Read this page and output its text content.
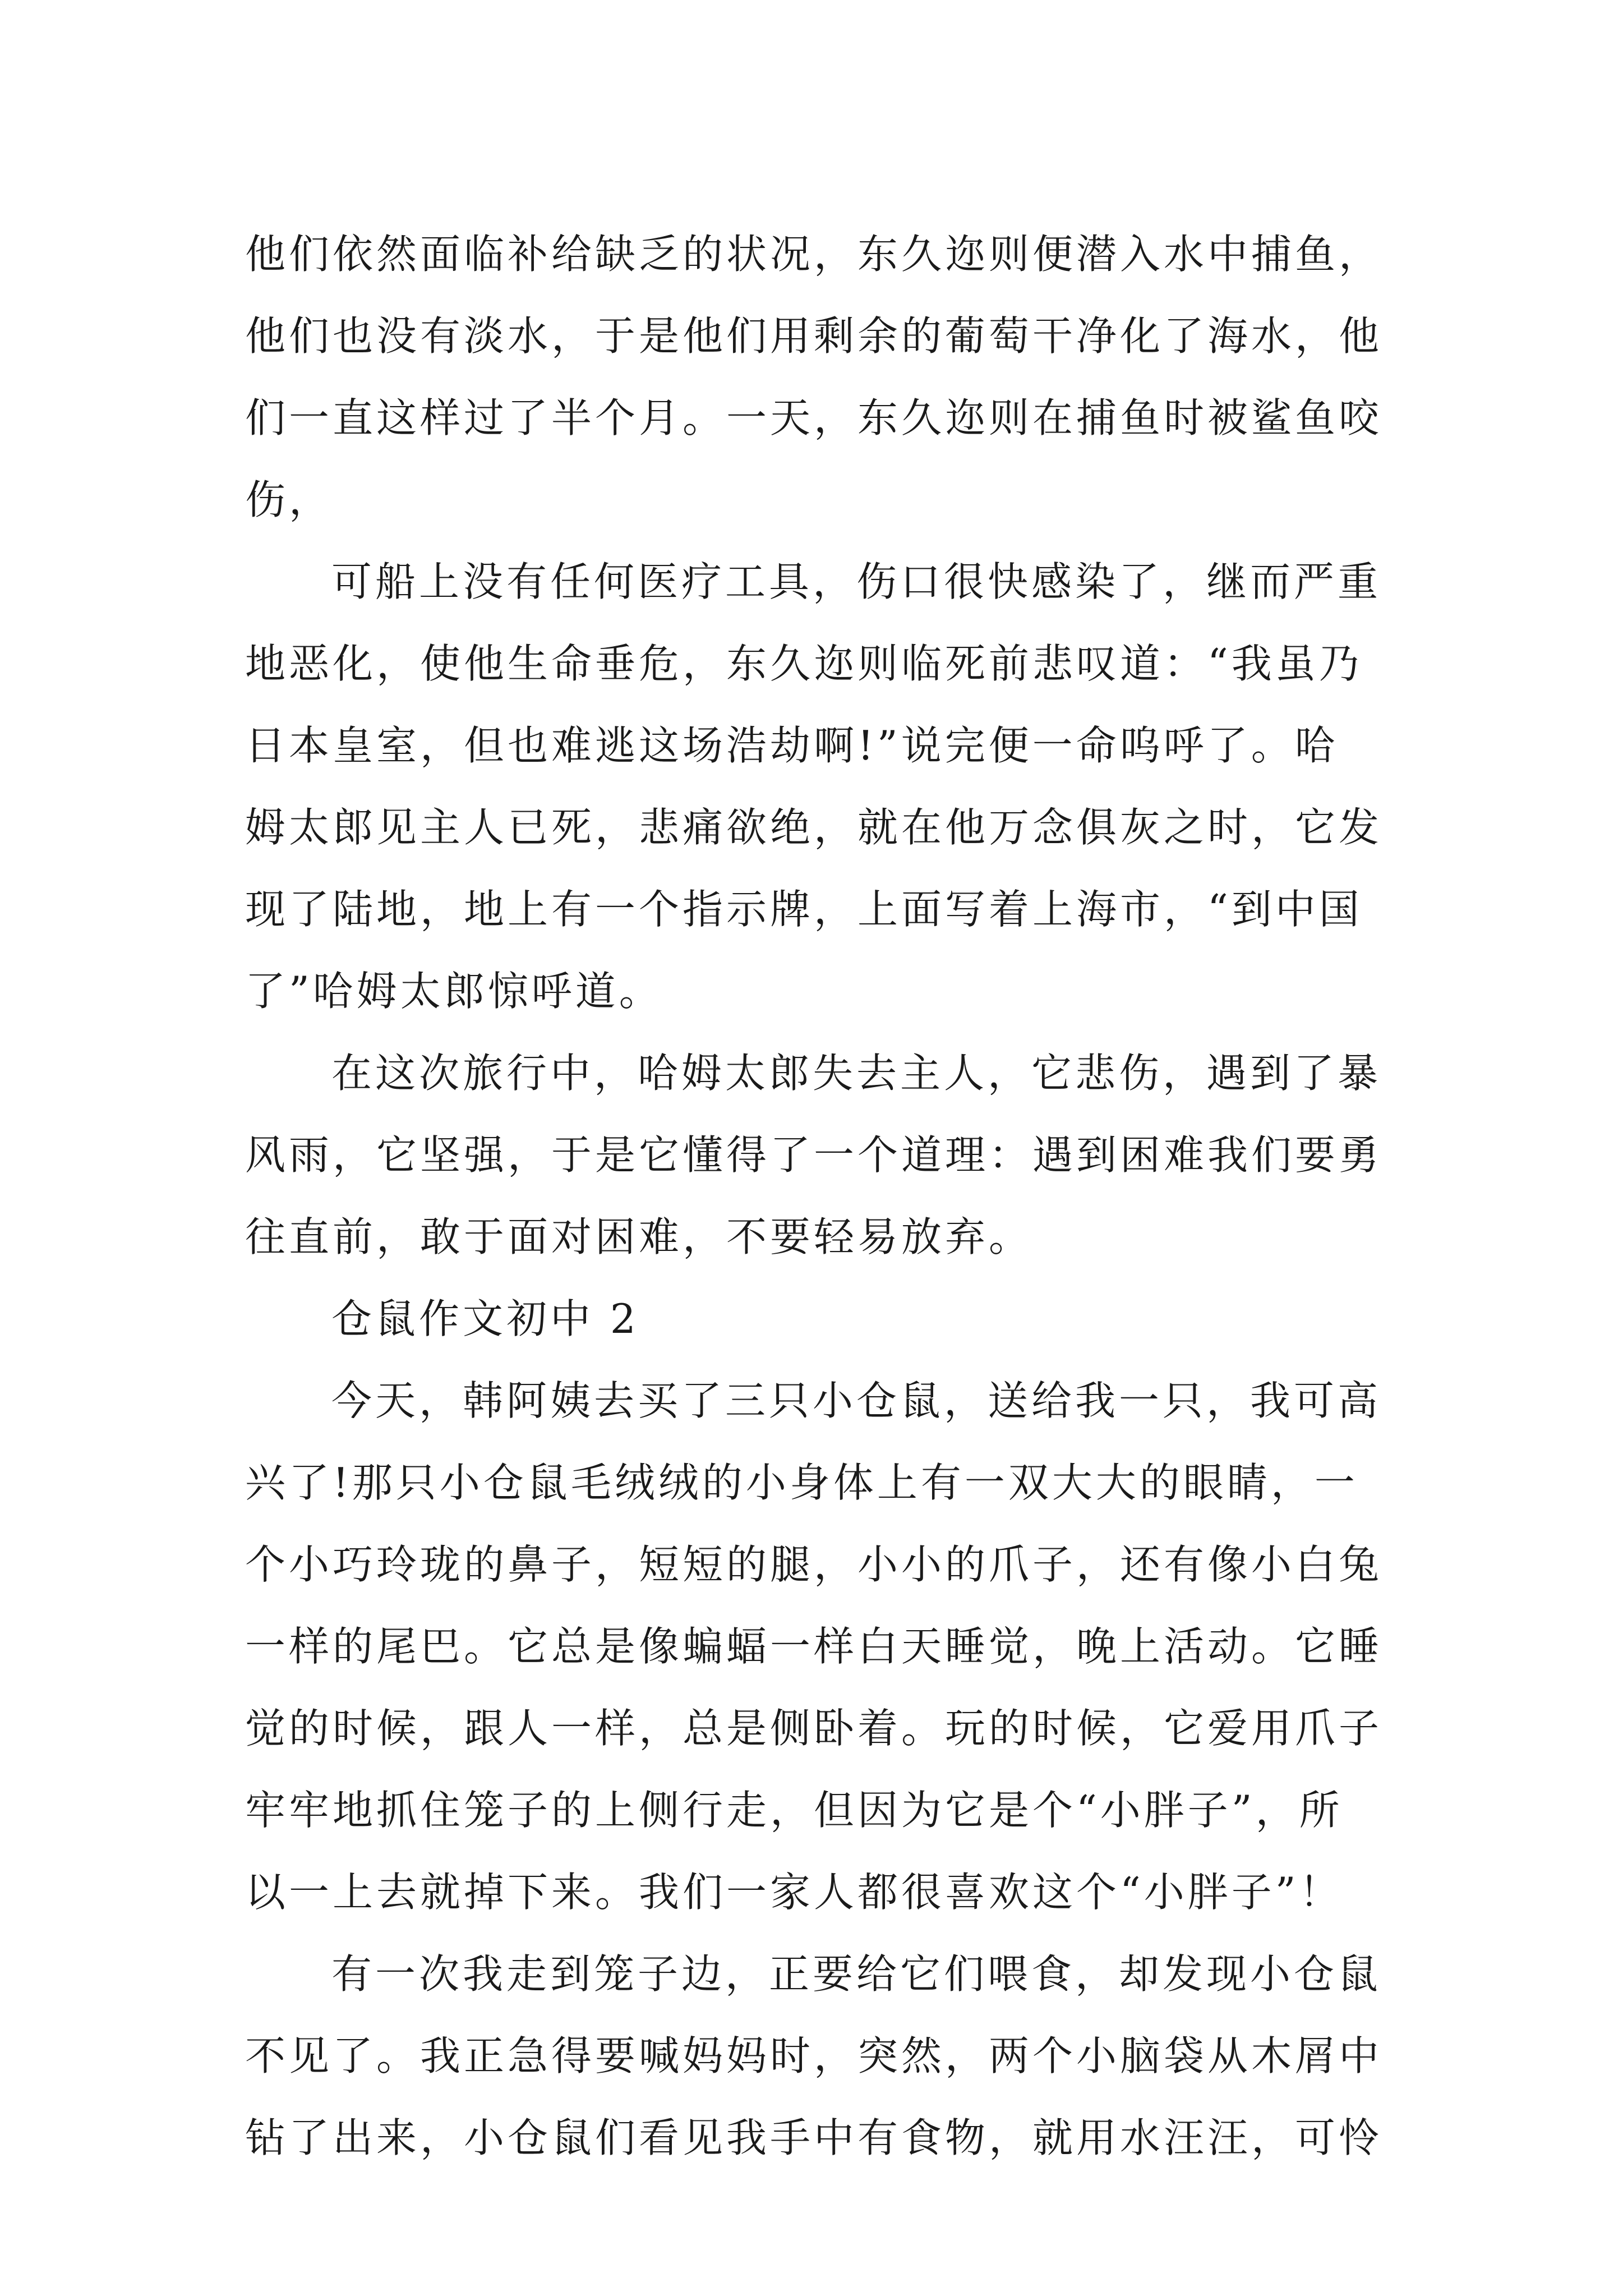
他们依然面临补给缺乏的状况，东久迩则便潜入水中捕鱼，
他们也没有淡水，于是他们用剩余的葡萄干净化了海水，他
们一直这样过了半个月。一天，东久迩则在捕鱼时被鲨鱼咬
伤，
可船上没有任何医疗工具，伤口很快感染了，继而严重
地恶化，使他生命垂危，东久迩则临死前悲叹道：“我虽乃
日本皇室，但也难逃这场浩劫啊!”说完便一命呜呼了。哈
姆太郎见主人已死，悲痛欲绝，就在他万念俱灰之时，它发
现了陆地，地上有一个指示牌，上面写着上海市，“到中国
了”哈姆太郎惊呼道。
在这次旅行中，哈姆太郎失去主人，它悲伤，遇到了暴
风雨，它坚强，于是它懂得了一个道理：遇到困难我们要勇
往直前，敢于面对困难，不要轻易放弃。
仓鼠作文初中 2
今天，韩阿姨去买了三只小仓鼠，送给我一只，我可高
兴了!那只小仓鼠毛绒绒的小身体上有一双大大的眼睛，一
个小巧玲珑的鼻子，短短的腿，小小的爪子，还有像小白兔
一样的尾巴。它总是像蝙蝠一样白天睡觉，晚上活动。它睡
觉的时候，跟人一样，总是侧卧着。玩的时候，它爱用爪子
牢牢地抓住笼子的上侧行走，但因为它是个“小胖子”，所
以一上去就掉下来。我们一家人都很喜欢这个“小胖子”！
有一次我走到笼子边，正要给它们喂食，却发现小仓鼠
不见了。我正急得要喊妈妈时，突然，两个小脑袋从木屑中
钻了出来，小仓鼠们看见我手中有食物，就用水汪汪，可怜
